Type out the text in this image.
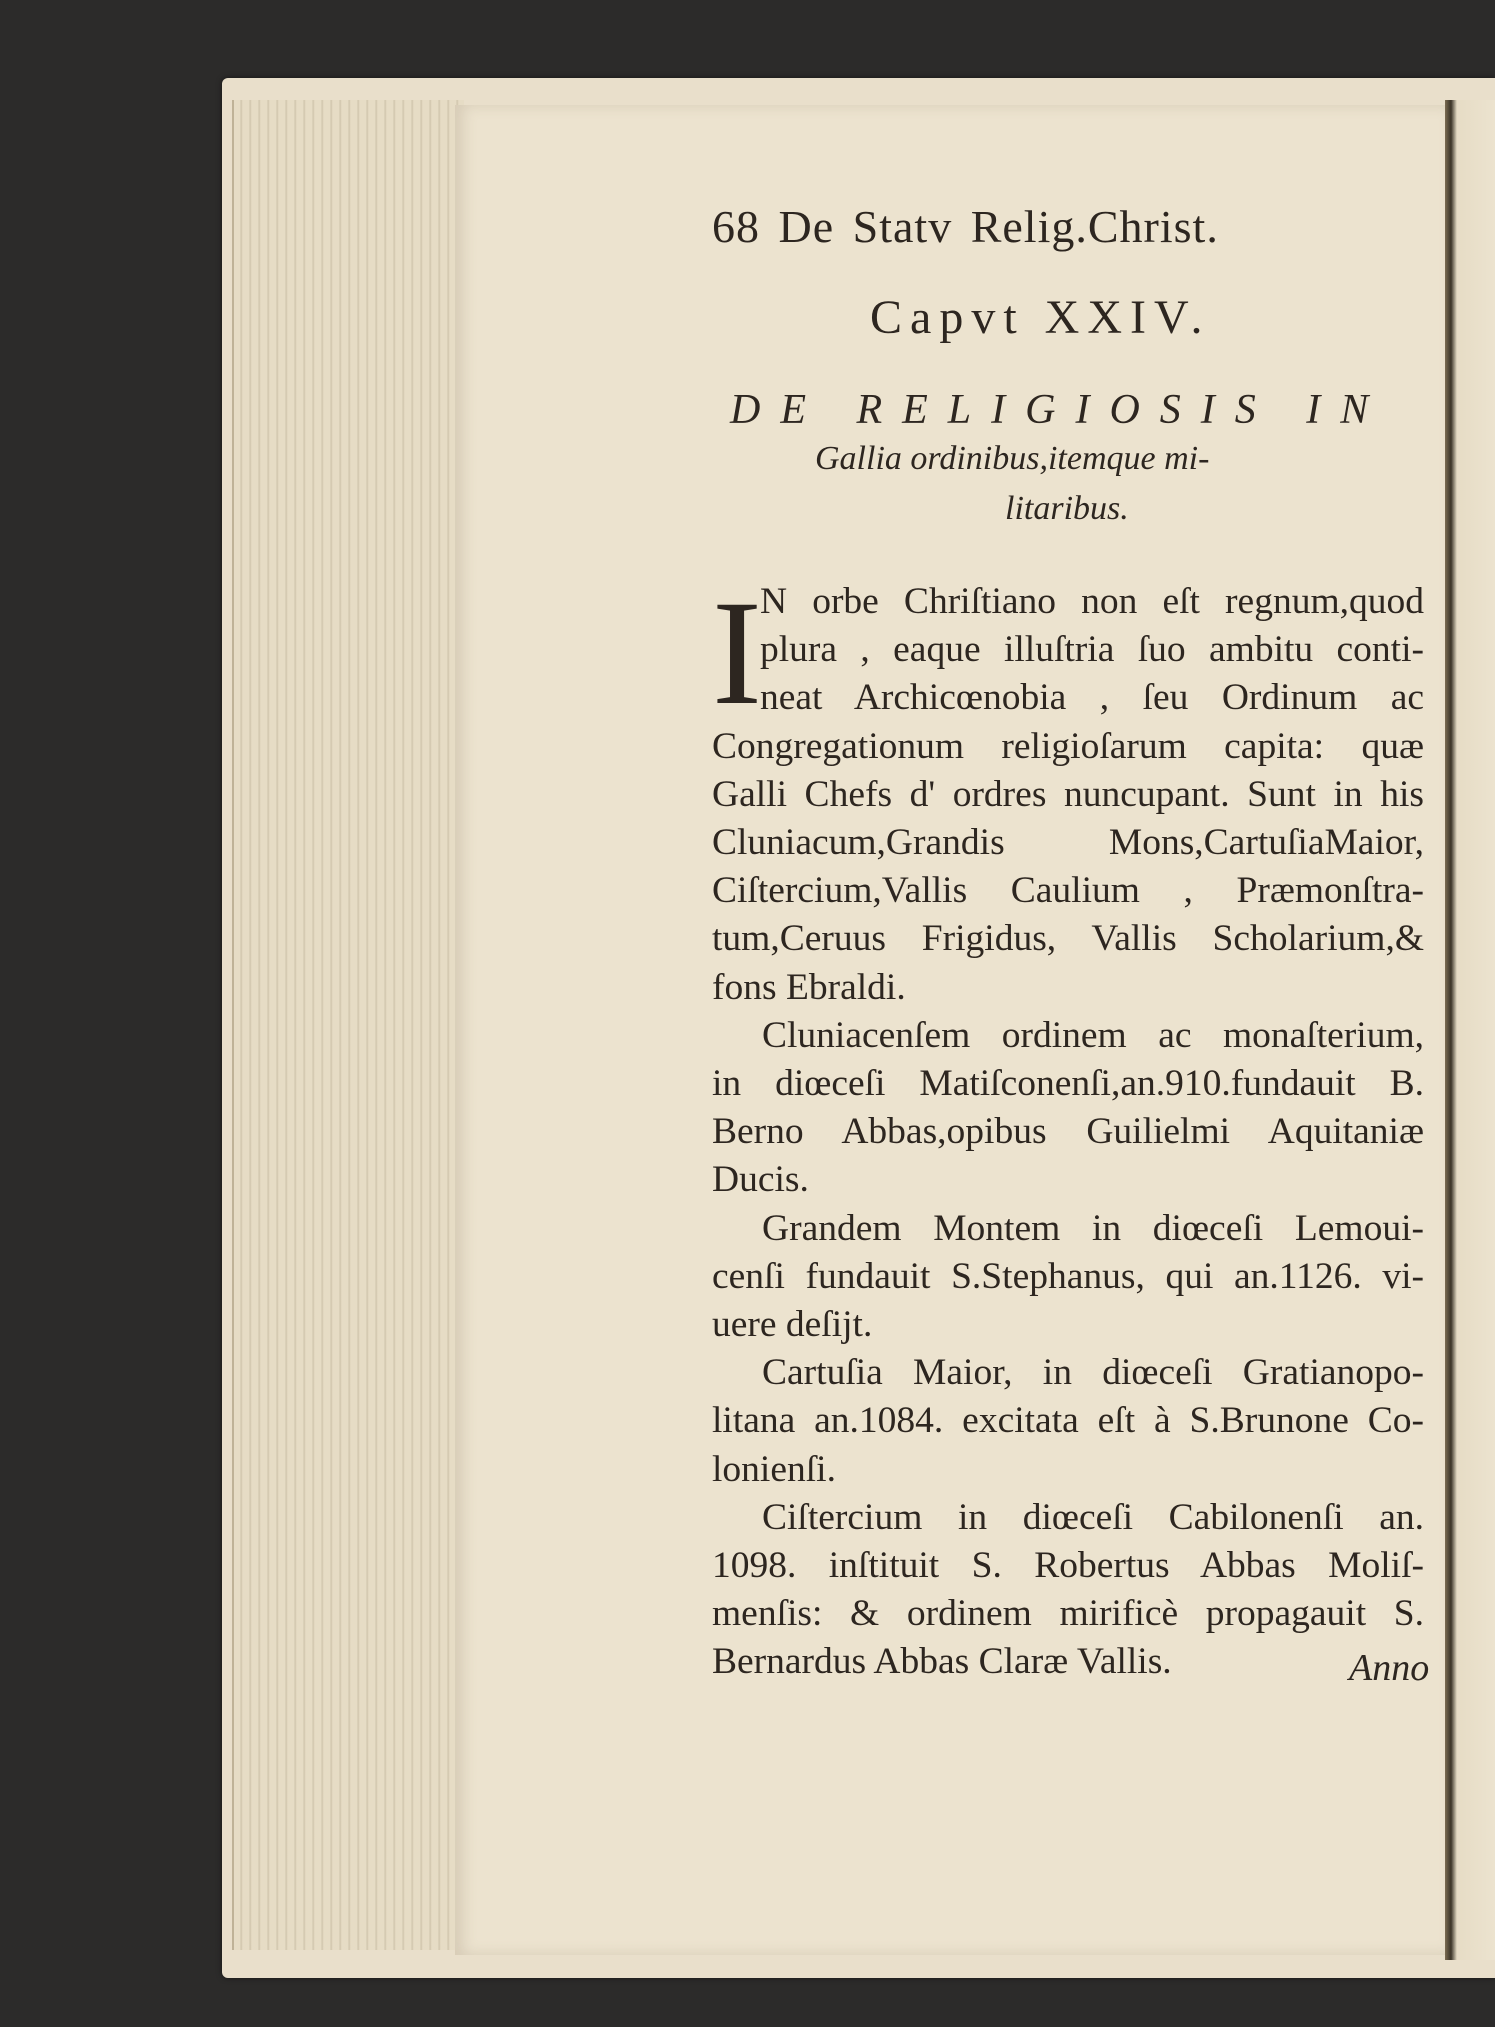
68 De Statv Relig.Christ.
Capvt XXIV.
DE RELIGIOSIS IN
Gallia ordinibus,itemque mi-
litaribus.
I
N orbe Chriſtiano non eſt regnum,quod
plura , eaque illuſtria ſuo ambitu conti-
neat Archicœnobia , ſeu Ordinum ac
Congregationum religioſarum capita: quæ
Galli Chefs d' ordres nuncupant. Sunt in his
Cluniacum,Grandis Mons,CartuſiaMaior,
Ciſtercium,Vallis Caulium , Præmonſtra-
tum,Ceruus Frigidus, Vallis Scholarium,&
fons Ebraldi.
Cluniacenſem ordinem ac monaſterium,
in diœceſi Matiſconenſi,an.910.fundauit B.
Berno Abbas,opibus Guilielmi Aquitaniæ
Ducis.
Grandem Montem in diœceſi Lemoui-
cenſi fundauit S.Stephanus, qui an.1126. vi-
uere deſijt.
Cartuſia Maior, in diœceſi Gratianopo-
litana an.1084. excitata eſt à S.Brunone Co-
lonienſi.
Ciſtercium in diœceſi Cabilonenſi an.
1098. inſtituit S. Robertus Abbas Moliſ-
menſis: & ordinem mirificè propagauit S.
Bernardus Abbas Claræ Vallis.	Anno
